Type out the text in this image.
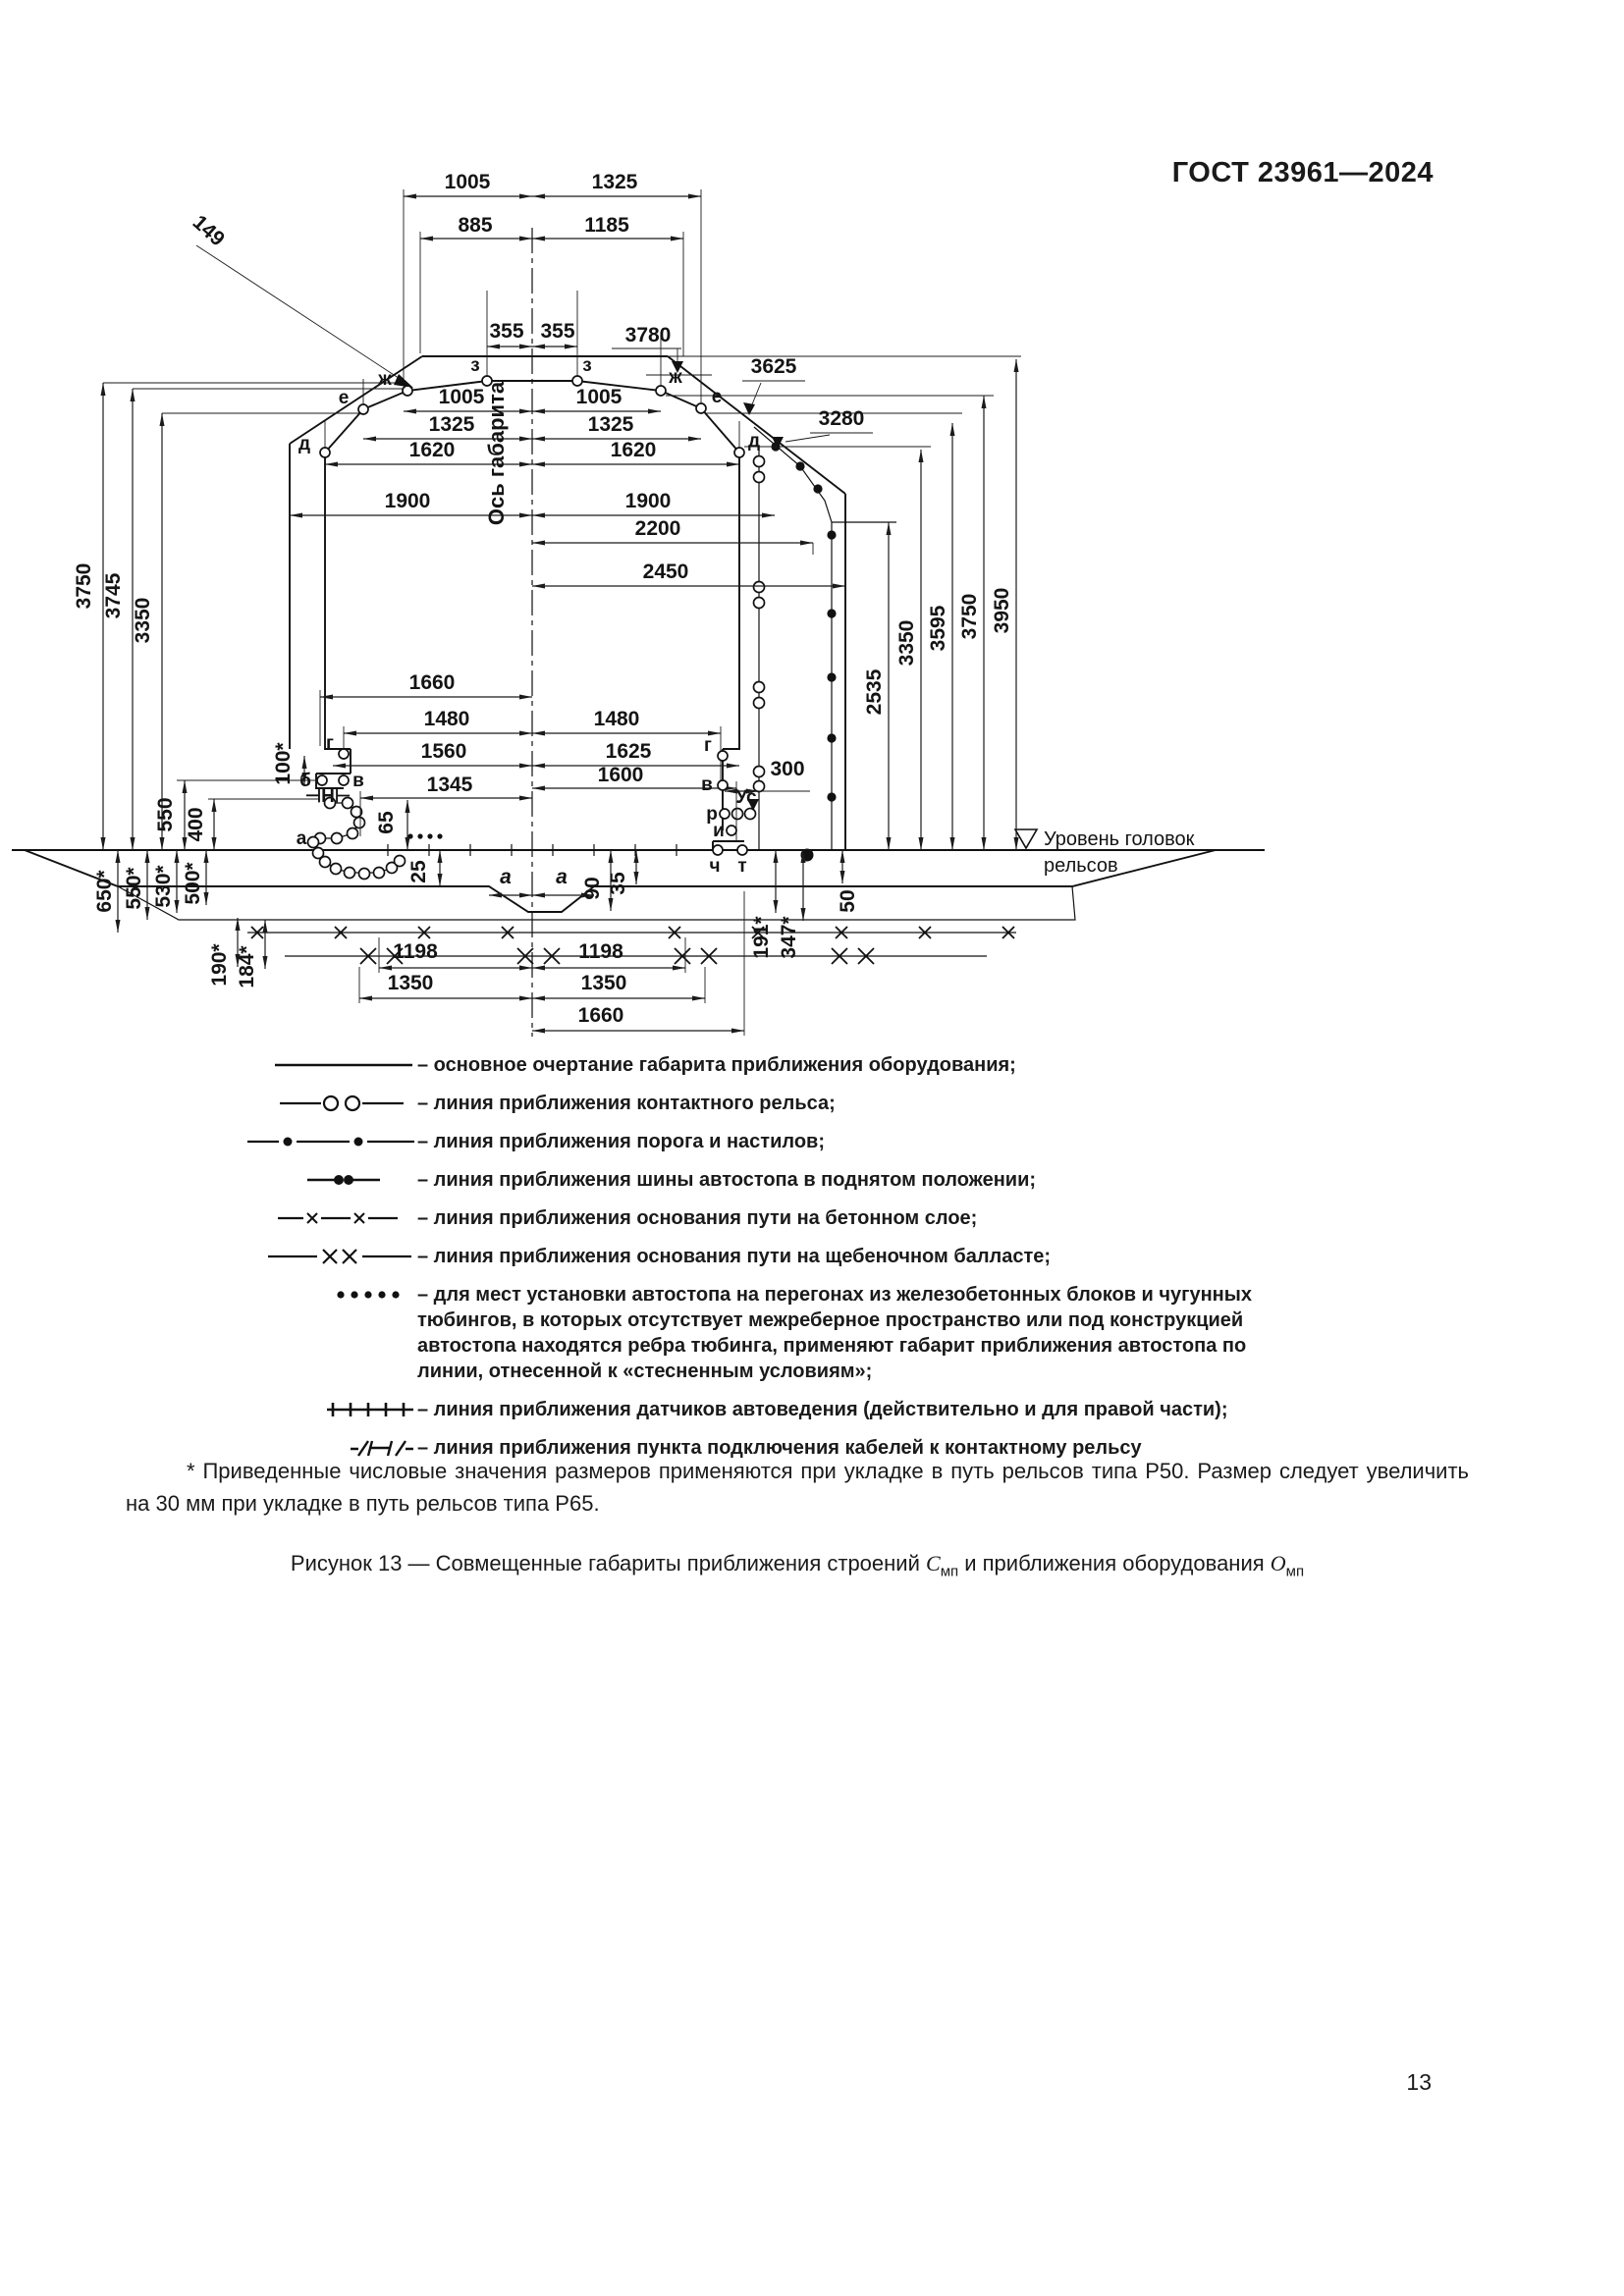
ГОСТ 23961—2024
1005	1325
885	1185
355 355 3780
3625
3280
1005	1005
1325	1325
1620	1620
1900	1900
2200
2450
1660
1480	1480
1560	1625
1600
1345
300
а а
1198	1198
1350	1350
1660
3750 3745
3350
550 400
650* 550* 530* 500*
190* 184*
100*
65
25
90 35
50
191* 347*
2535
3350 3595 3750 3950
149
Ось габарита
Уровень головок
рельсов
ж
з	з
ж
е	е
д	д
г	г
б в	в
а
Ус
р
и
ч т
⊣H⊢
– основное очертание габарита приближения оборудования;
– линия приближения контактного рельса;
– линия приближения порога и настилов;
– линия приближения шины автостопа в поднятом положении;
– линия приближения основания пути на бетонном слое;
– линия приближения основания пути на щебеночном балласте;
– для мест установки автостопа на перегонах из железобетонных блоков и чугунных тюбингов, в которых отсутствует межреберное пространство или под конструкцией автостопа находятся ребра тюбинга, применяют габарит приближения автостопа по линии, отнесенной к «стесненным условиям»;
– линия приближения датчиков автоведения (действительно и для правой части);
– линия приближения пункта подключения кабелей к контактному рельсу
* Приведенные числовые значения размеров применяются при укладке в путь рельсов типа Р50. Размер следует увеличить на 30 мм при укладке в путь рельсов типа Р65.
Рисунок 13 — Совмещенные габариты приближения строений $С_{мп}$ и приближения оборудования $О_{мп}$
13
